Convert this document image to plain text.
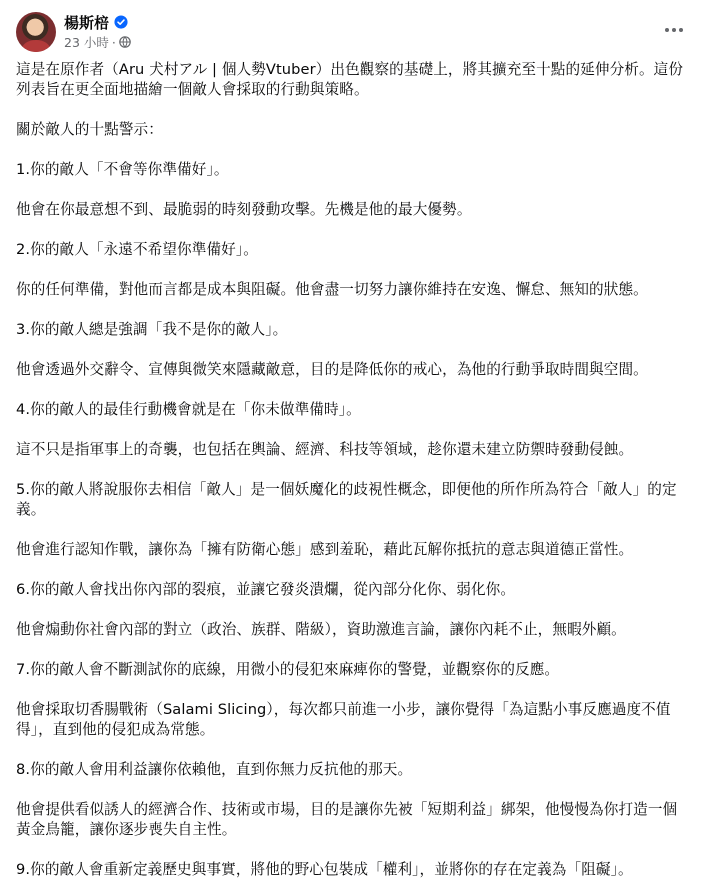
楊斯棓
23 小時 ·

這是在原作者（Aru 犬村アル | 個人勢Vtuber）出色觀察的基礎上，將其擴充至十點的延伸分析。這份列表旨在更全面地描繪一個敵人會採取的行動與策略。

關於敵人的十點警示：

1.你的敵人「不會等你準備好」。

他會在你最意想不到、最脆弱的時刻發動攻擊。先機是他的最大優勢。

2.你的敵人「永遠不希望你準備好」。

你的任何準備，對他而言都是成本與阻礙。他會盡一切努力讓你維持在安逸、懈怠、無知的狀態。

3.你的敵人總是強調「我不是你的敵人」。

他會透過外交辭令、宣傳與微笑來隱藏敵意，目的是降低你的戒心，為他的行動爭取時間與空間。

4.你的敵人的最佳行動機會就是在「你未做準備時」。

這不只是指軍事上的奇襲，也包括在輿論、經濟、科技等領域，趁你還未建立防禦時發動侵蝕。

5.你的敵人將說服你去相信「敵人」是一個妖魔化的歧視性概念，即便他的所作所為符合「敵人」的定義。

他會進行認知作戰，讓你為「擁有防衛心態」感到羞恥，藉此瓦解你抵抗的意志與道德正當性。

6.你的敵人會找出你內部的裂痕，並讓它發炎潰爛，從內部分化你、弱化你。

他會煽動你社會內部的對立（政治、族群、階級），資助激進言論，讓你內耗不止，無暇外顧。

7.你的敵人會不斷測試你的底線，用微小的侵犯來麻痺你的警覺，並觀察你的反應。

他會採取切香腸戰術（Salami Slicing），每次都只前進一小步，讓你覺得「為這點小事反應過度不值得」，直到他的侵犯成為常態。

8.你的敵人會用利益讓你依賴他，直到你無力反抗他的那天。

他會提供看似誘人的經濟合作、技術或市場，目的是讓你先被「短期利益」綁架，他慢慢為你打造一個黃金鳥籠，讓你逐步喪失自主性。

9.你的敵人會重新定義歷史與事實，將他的野心包裝成「權利」，並將你的存在定義為「阻礙」。
